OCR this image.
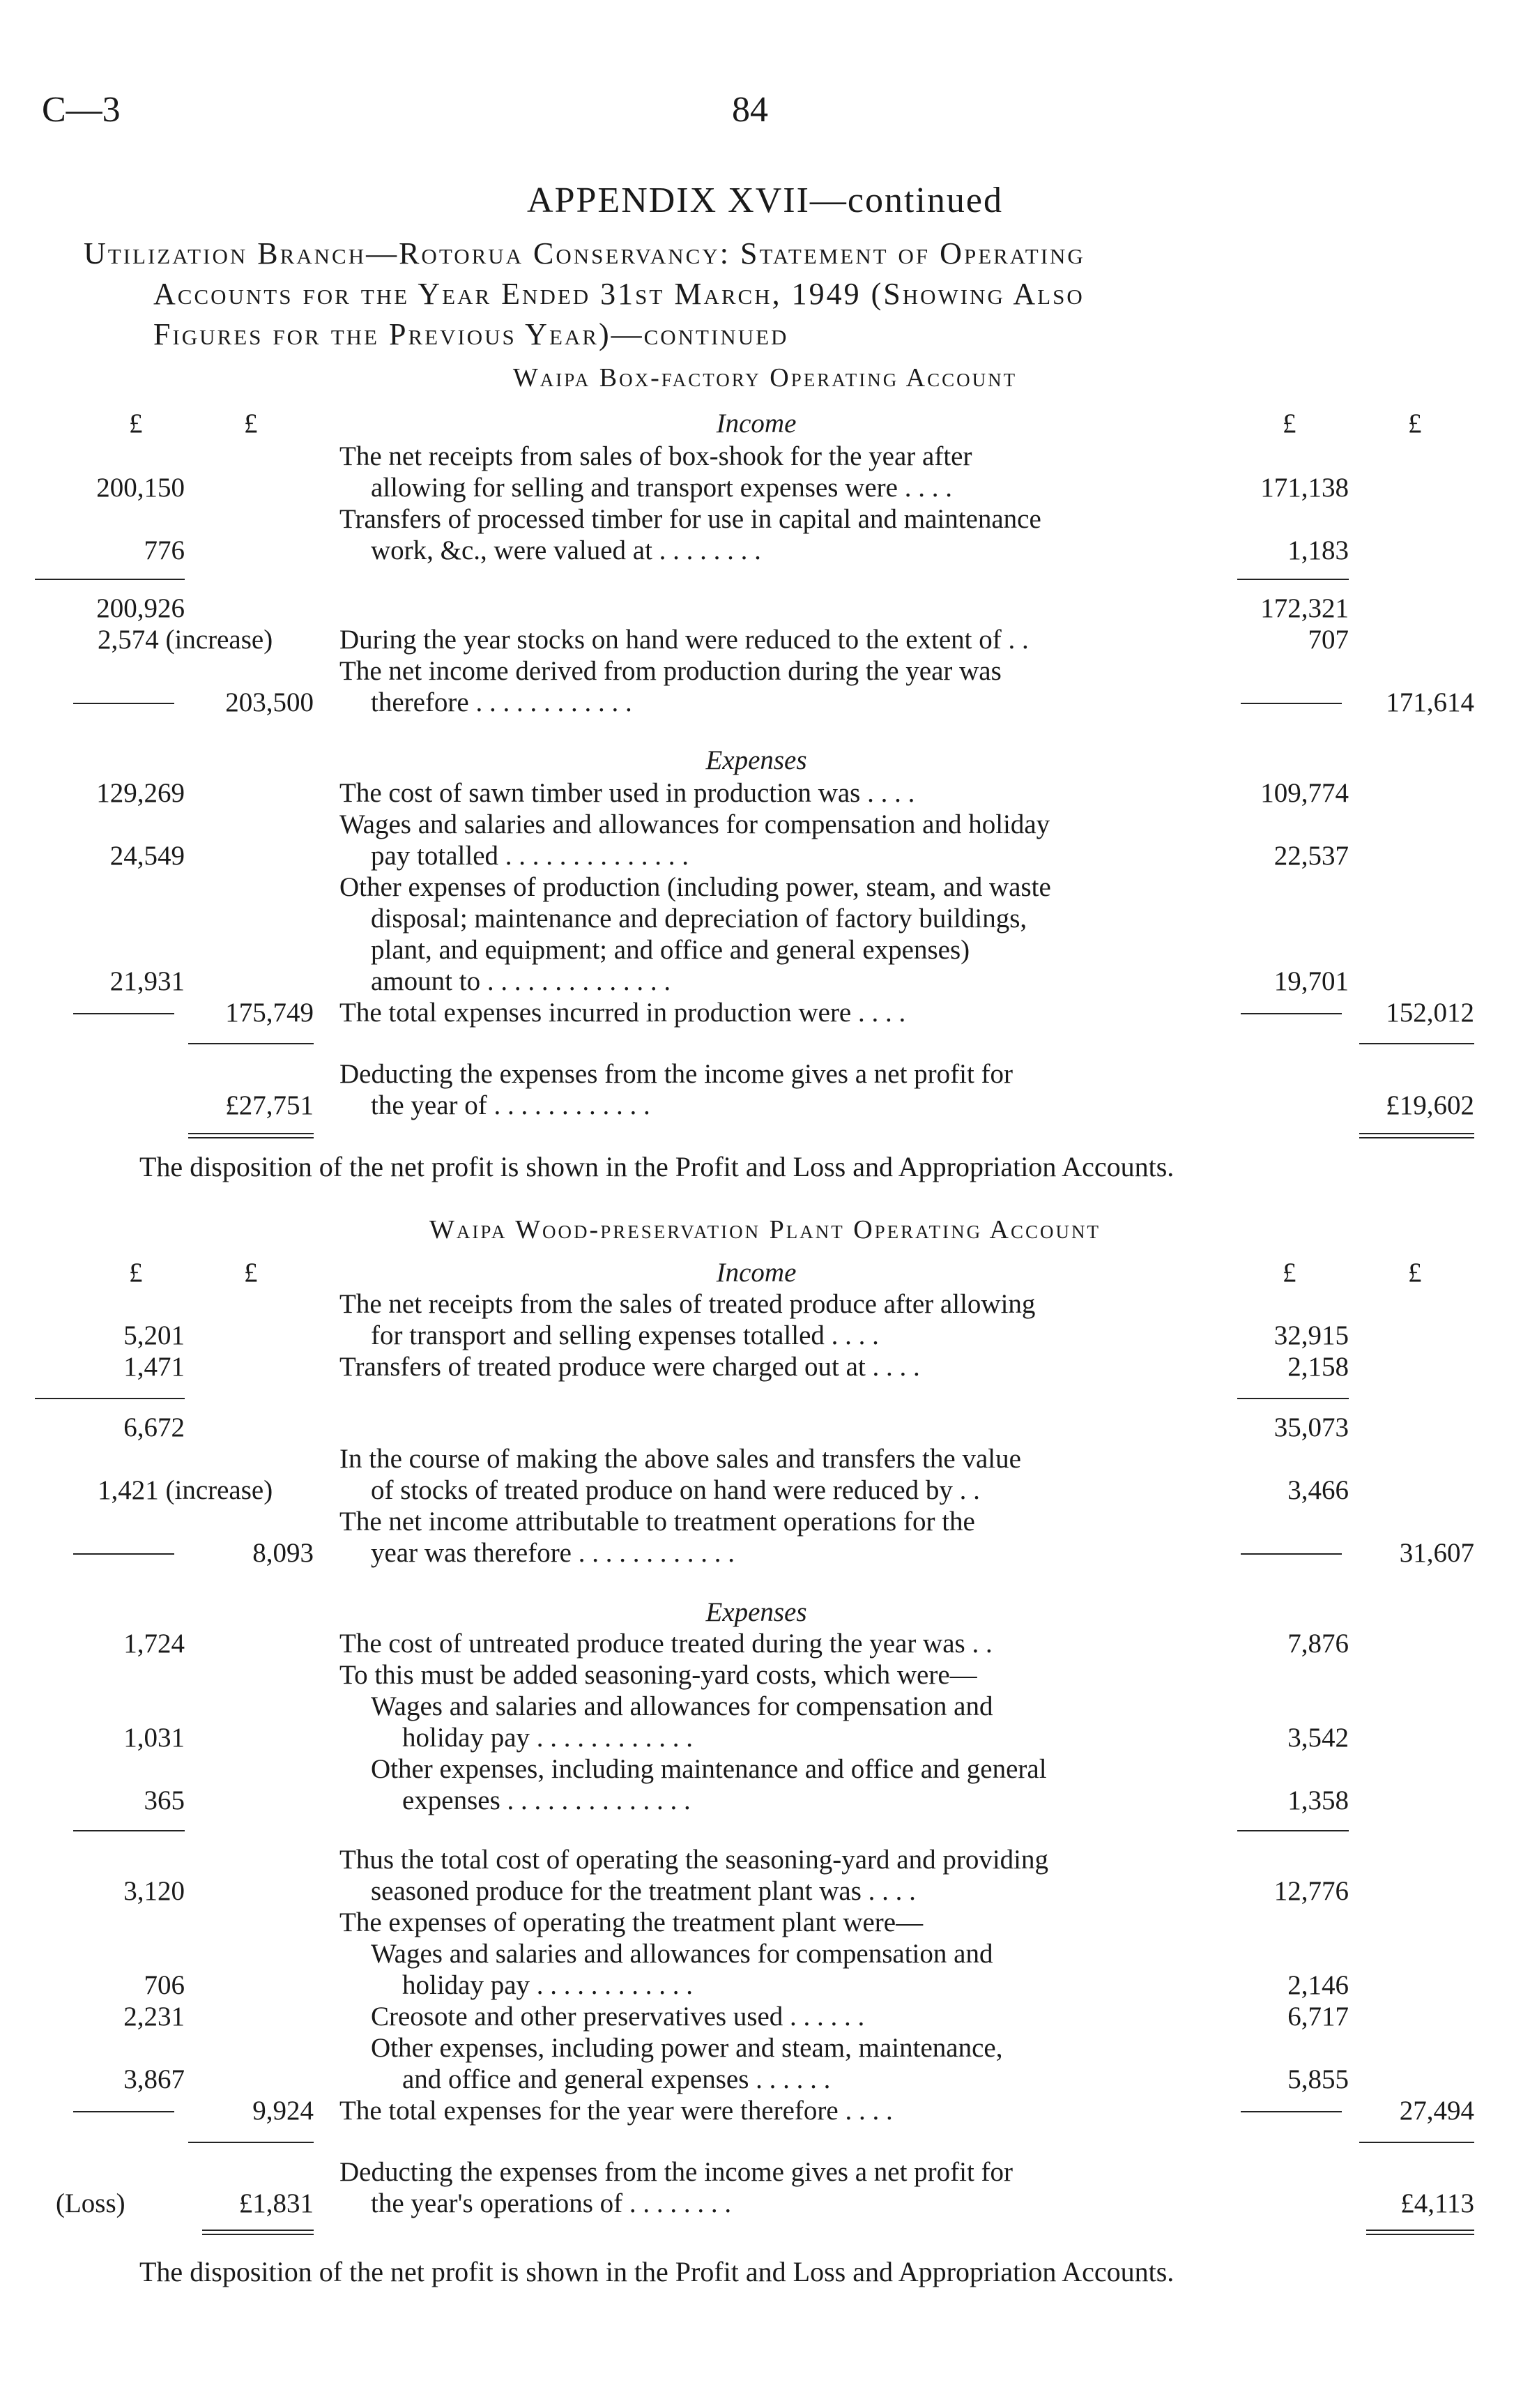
C—3	84
APPENDIX XVII—continued
Utilization Branch—Rotorua Conservancy: Statement of Operating
Accounts for the Year Ended 31st March, 1949 (Showing Also
Figures for the Previous Year)—continued
Waipa Box-factory Operating Account
£	£	Income	£	£
The net receipts from sales of box-shook for the year after
200,150	allowing for selling and transport expenses were . . . .	171,138
Transfers of processed timber for use in capital and maintenance
776	work, &c., were valued at . . . . . . . .	1,183
200,926	172,321
2,574 (increase) During the year stocks on hand were reduced to the extent of . .	707
The net income derived from production during the year was
203,500	therefore . . . . . . . . . . . .	171,614
Expenses
129,269	The cost of sawn timber used in production was . . . .	109,774
Wages and salaries and allowances for compensation and holiday
24,549	pay totalled . . . . . . . . . . . . . .	22,537
Other expenses of production (including power, steam, and waste
disposal; maintenance and depreciation of factory buildings,
plant, and equipment; and office and general expenses)
21,931	amount to . . . . . . . . . . . . . .	19,701
175,749 The total expenses incurred in production were . . . .	152,012
Deducting the expenses from the income gives a net profit for
£27,751	the year of . . . . . . . . . . . .	£19,602
The disposition of the net profit is shown in the Profit and Loss and Appropriation Accounts.
Waipa Wood-preservation Plant Operating Account
£	£	Income	£	£
The net receipts from the sales of treated produce after allowing
5,201	for transport and selling expenses totalled . . . .	32,915
1,471	Transfers of treated produce were charged out at . . . .	2,158
6,672	35,073
In the course of making the above sales and transfers the value
1,421 (increase)	of stocks of treated produce on hand were reduced by . .	3,466
The net income attributable to treatment operations for the
8,093	year was therefore . . . . . . . . . . . .	31,607
Expenses
1,724	The cost of untreated produce treated during the year was . .	7,876
To this must be added seasoning-yard costs, which were—
Wages and salaries and allowances for compensation and
1,031	holiday pay . . . . . . . . . . . .	3,542
Other expenses, including maintenance and office and general
365	expenses . . . . . . . . . . . . . .	1,358
Thus the total cost of operating the seasoning-yard and providing
3,120	seasoned produce for the treatment plant was . . . .	12,776
The expenses of operating the treatment plant were—
Wages and salaries and allowances for compensation and
706	holiday pay . . . . . . . . . . . .	2,146
2,231	Creosote and other preservatives used . . . . . .	6,717
Other expenses, including power and steam, maintenance,
3,867	and office and general expenses . . . . . .	5,855
9,924 The total expenses for the year were therefore . . . .	27,494
Deducting the expenses from the income gives a net profit for
(Loss)	£1,831	the year's operations of . . . . . . . .	£4,113
The disposition of the net profit is shown in the Profit and Loss and Appropriation Accounts.
